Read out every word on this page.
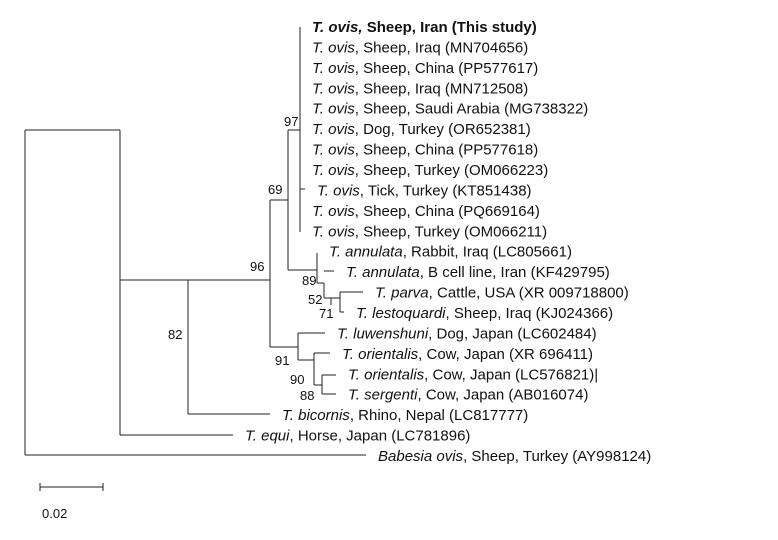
T. ovis, Sheep, Iran (This study)
T. ovis, Sheep, Iraq (MN704656)
T. ovis, Sheep, China (PP577617)
T. ovis, Sheep, Iraq (MN712508)
T. ovis, Sheep, Saudi Arabia (MG738322)
T. ovis, Dog, Turkey (OR652381)
T. ovis, Sheep, China (PP577618)
T. ovis, Sheep, Turkey (OM066223)
T. ovis, Tick, Turkey (KT851438)
T. ovis, Sheep, China (PQ669164)
T. ovis, Sheep, Turkey (OM066211)
T. annulata, Rabbit, Iraq (LC805661)
T. annulata, B cell line, Iran (KF429795)
T. parva, Cattle, USA (XR 009718800)
T. lestoquardi, Sheep, Iraq (KJ024366)
T. luwenshuni, Dog, Japan (LC602484)
T. orientalis, Cow, Japan (XR 696411)
T. orientalis, Cow, Japan (LC576821)|
T. sergenti, Cow, Japan (AB016074)
T. bicornis, Rhino, Nepal (LC817777)
T. equi, Horse, Japan (LC781896)
Babesia ovis, Sheep, Turkey (AY998124)
97
69
96
82
89
52
71
91
90
88
0.02
